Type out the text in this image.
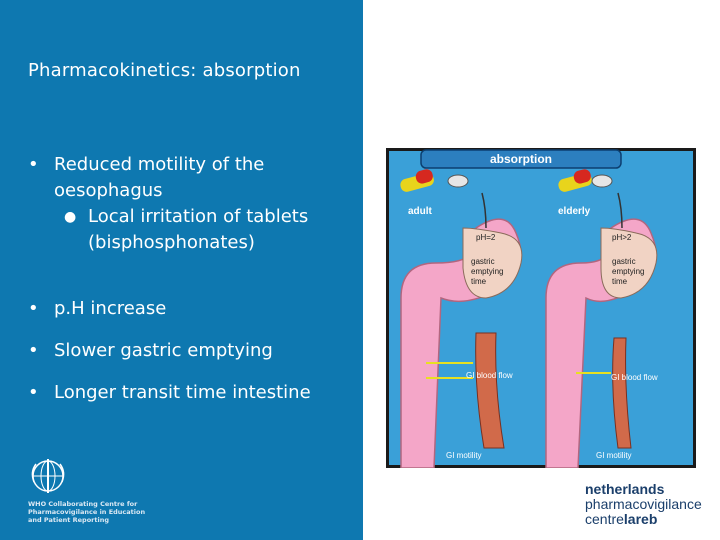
Pharmacokinetics: absorption
• Reduced motility of the oesophagus
● Local irritation of tablets (bisphosphonates)
• p.H increase
• Slower gastric emptying
• Longer transit time intestine
WHO Collaborating Centre for
Pharmacovigilance in Education
and Patient Reporting
absorption
adult	elderly
pH=2
gastric
emptying
time
GI blood flow
GI motility
pH>2
gastric
emptying
time
GI blood flow
GI motility
netherlands
pharmacovigilance
centrelareb
